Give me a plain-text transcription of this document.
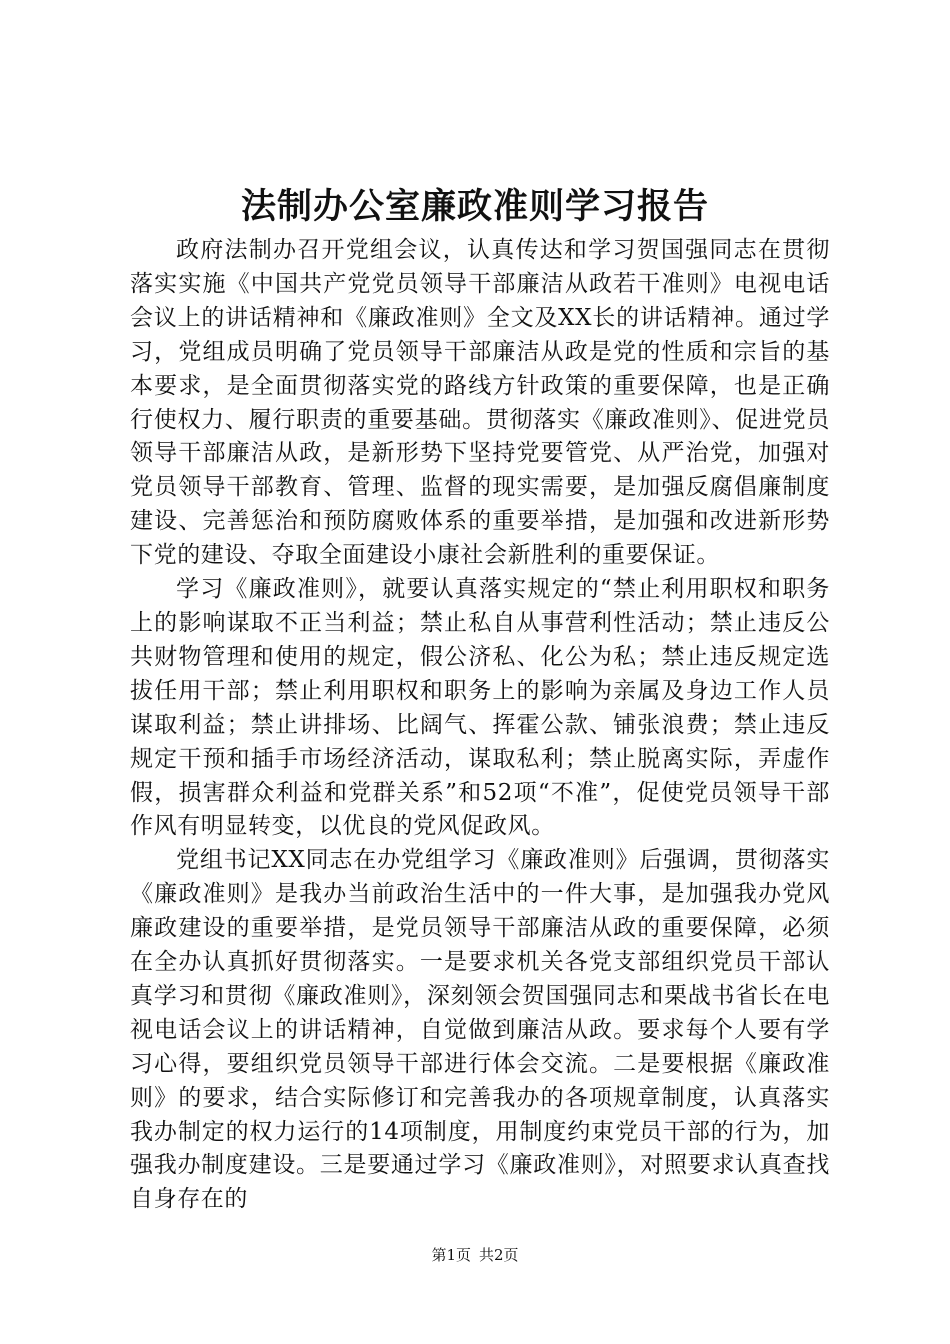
法制办公室廉政准则学习报告

政府法制办召开党组会议，认真传达和学习贺国强同志在贯彻落实实施《中国共产党党员领导干部廉洁从政若干准则》电视电话会议上的讲话精神和《廉政准则》全文及XX长的讲话精神。通过学习，党组成员明确了党员领导干部廉洁从政是党的性质和宗旨的基本要求，是全面贯彻落实党的路线方针政策的重要保障，也是正确行使权力、履行职责的重要基础。贯彻落实《廉政准则》、促进党员领导干部廉洁从政，是新形势下坚持党要管党、从严治党，加强对党员领导干部教育、管理、监督的现实需要，是加强反腐倡廉制度建设、完善惩治和预防腐败体系的重要举措，是加强和改进新形势下党的建设、夺取全面建设小康社会新胜利的重要保证。

学习《廉政准则》，就要认真落实规定的“禁止利用职权和职务上的影响谋取不正当利益；禁止私自从事营利性活动；禁止违反公共财物管理和使用的规定，假公济私、化公为私；禁止违反规定选拔任用干部；禁止利用职权和职务上的影响为亲属及身边工作人员谋取利益；禁止讲排场、比阔气、挥霍公款、铺张浪费；禁止违反规定干预和插手市场经济活动，谋取私利；禁止脱离实际，弄虚作假，损害群众利益和党群关系”和52项“不准”，促使党员领导干部作风有明显转变，以优良的党风促政风。

党组书记XX同志在办党组学习《廉政准则》后强调，贯彻落实《廉政准则》是我办当前政治生活中的一件大事，是加强我办党风廉政建设的重要举措，是党员领导干部廉洁从政的重要保障，必须在全办认真抓好贯彻落实。一是要求机关各党支部组织党员干部认真学习和贯彻《廉政准则》，深刻领会贺国强同志和栗战书省长在电视电话会议上的讲话精神，自觉做到廉洁从政。要求每个人要有学习心得，要组织党员领导干部进行体会交流。二是要根据《廉政准则》的要求，结合实际修订和完善我办的各项规章制度，认真落实我办制定的权力运行的14项制度，用制度约束党员干部的行为，加强我办制度建设。三是要通过学习《廉政准则》，对照要求认真查找自身存在的

第1页 共2页
